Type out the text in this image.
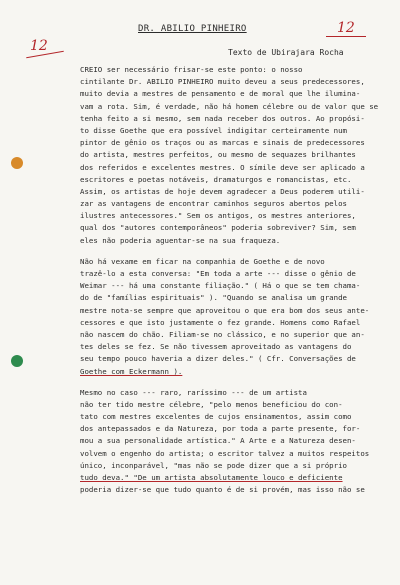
12
12
DR. ABILIO PINHEIRO
Texto de Ubirajara Rocha
CREIO ser necessário frisar-se este ponto: o nosso
cintilante Dr. ABILIO PINHEIRO muito deveu a seus predecessores,
muito devia a mestres de pensamento e de moral que lhe ilumina-
vam a rota. Sim, é verdade, não há homem célebre ou de valor que se
tenha feito a si mesmo, sem nada receber dos outros. Ao propósi-
to disse Goethe que era possível indigitar certeiramente num
pintor de gênio os traços ou as marcas e sinais de predecessores
do artista, mestres perfeitos, ou mesmo de sequazes brilhantes
dos referidos e excelentes mestres. O símile deve ser aplicado a
escritores e poetas notáveis, dramaturgos e romancistas, etc.
Assim, os artistas de hoje devem agradecer a Deus poderem utili-
zar as vantagens de encontrar caminhos seguros abertos pelos
ilustres antecessores." Sem os antigos, os mestres anteriores,
qual dos "autores contemporâneos" poderia sobreviver? Sim, sem
eles não poderia aguentar-se na sua fraqueza.
Não há vexame em ficar na companhia de Goethe e de novo
trazê-lo a esta conversa: "Em toda a arte --- disse o gênio de
Weimar --- há uma constante filiação." ( Há o que se tem chama-
do de "famílias espirituais" ). "Quando se analisa um grande
mestre nota-se sempre que aproveitou o que era bom dos seus ante-
cessores e que isto justamente o fez grande. Homens como Rafael
não nascem do chão. Filiam-se no clássico, e no superior que an-
tes deles se fez. Se não tivessem aproveitado as vantagens do
seu tempo pouco haveria a dizer deles." ( Cfr. Conversações de
Goethe com Eckermann ).
Mesmo no caso --- raro, raríssimo --- de um artista
não ter tido mestre célebre, "pelo menos beneficiou do con-
tato com mestres excelentes de cujos ensinamentos, assim como
dos antepassados e da Natureza, por toda a parte presente, for-
mou a sua personalidade artística." A Arte e a Natureza desen-
volvem o engenho do artista; o escritor talvez a muitos respeitos
único, inconparável, "mas não se pode dizer que a si próprio
tudo deva." "De um artista absolutamente louco e deficiente
poderia dizer-se que tudo quanto é de si provém, mas isso não se
